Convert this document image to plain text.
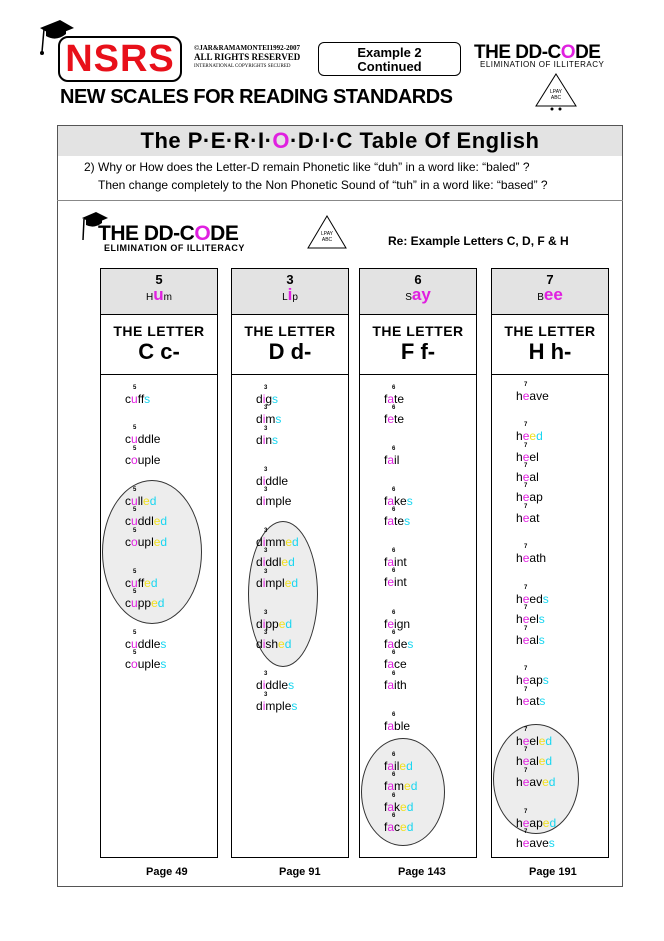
NSRS	©JAR&RAMAMONTEI1992-2007
ALL RIGHTS RESERVED
INTERNATIONAL COPYRIGHTS SECURED
Example 2
Continued
THE DD-CODE
ELIMINATION OF ILLITERACY
LPAY
ABC
NEW SCALES FOR READING STANDARDS
The P·E·R·I·O·D·I·C Table Of English
2) Why or How does the Letter-D remain Phonetic like “duh” in a word like: “baled” ?
Then change completely to the Non Phonetic Sound of “tuh” in a word like: “based” ?
THE DD-CODE
ELIMINATION OF ILLITERACY
LPAY
ABC	Re: Example Letters C, D, F & H
5
Hum
THE LETTER
C c-
cuffs
5
cuddle
5
couple
5
culled
5
cuddled
5
coupled
5
cuffed
5
cupped
5
cuddles
5
couples
5
Page 49
3
Lip
THE LETTER
D d-
digs
3
dims
3
dins
3
diddle
3
dimple
3
dimmed
3
diddled
3
dimpled
3
dipped
3
dished
3
diddles
3
dimples
3
Page 91
6
Say
THE LETTER
F f-
fate
6
fete
6
fail
6
fakes
6
fates
6
faint
6
feint
6
feign
6
fades
6
face
6
faith
6
fable
6
failed
6
famed
6
faked
6
faced
6
Page 143
7
Bee
THE LETTER
H h-
heave
7
heed
7
heel
7
heal
7
heap
7
heat
7
heath
7
heeds
7
heels
7
heals
7
heaps
7
heats
7
heeled
7
healed
7
heaved
7
heaped
7
heaves
7
Page 191
